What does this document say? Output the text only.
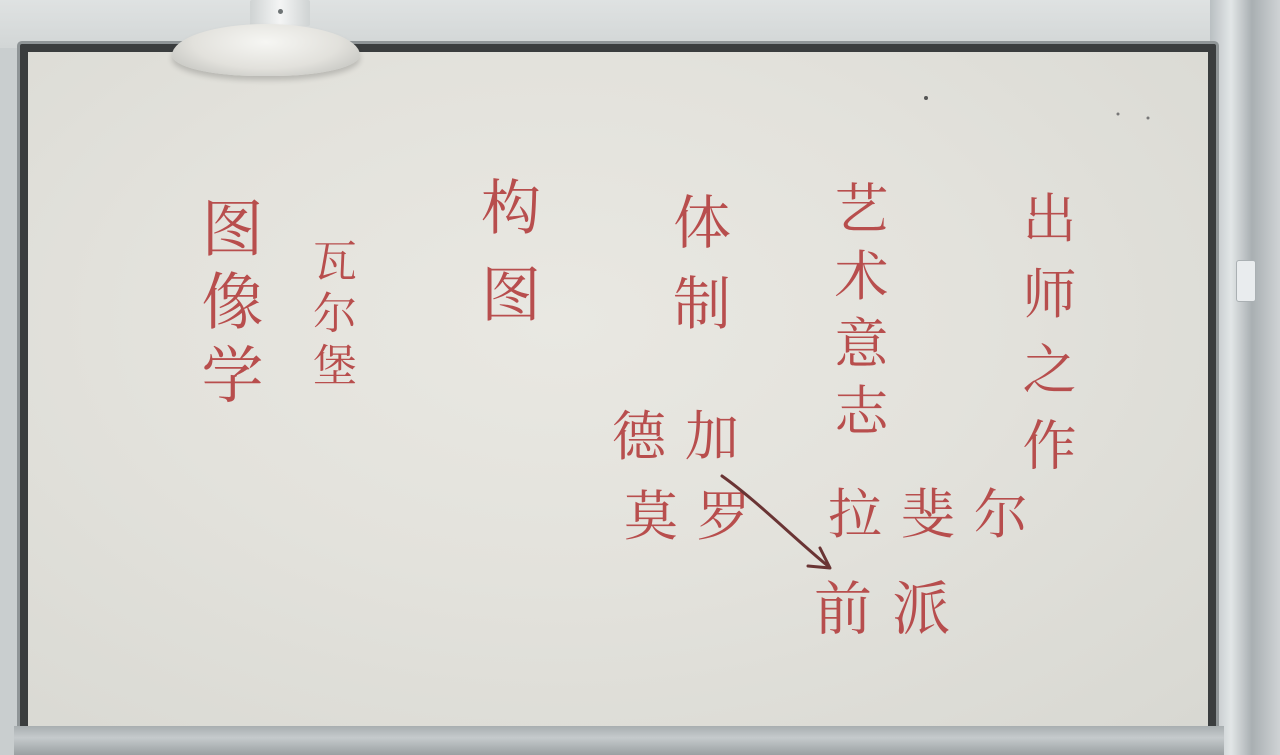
图像学 瓦尔堡 构图 体制 艺术意志 出师之作
德加
莫罗 拉斐尔
前派
